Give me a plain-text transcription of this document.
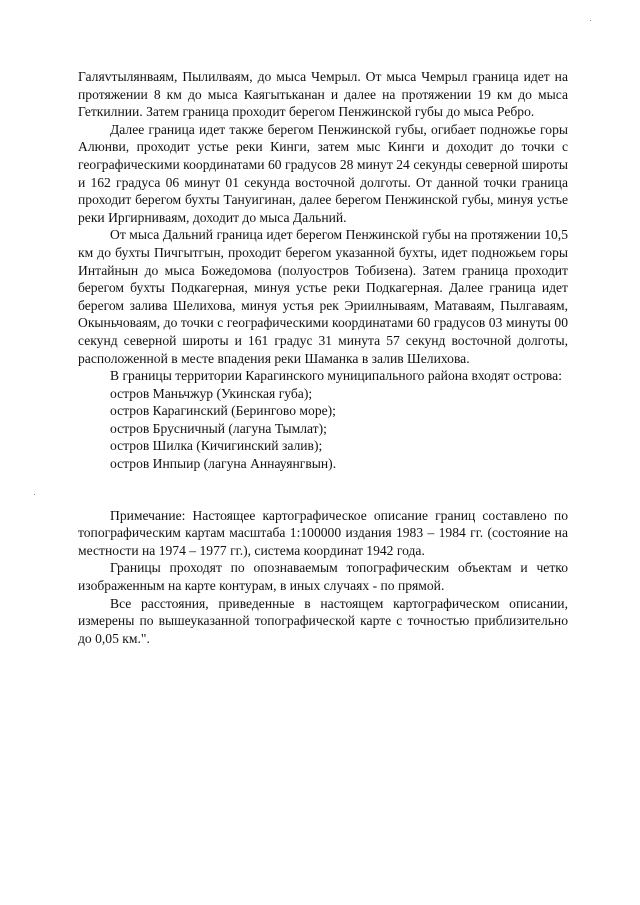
Галяvтылянваям, Пылилваям, до мыса Чемрыл. От мыса Чемрыл граница идет на протяжении 8 км до мыса Каягытьканан и далее на протяжении 19 км до мыса Геткилнии. Затем граница проходит берегом Пенжинской губы до мыса Ребро.

Далее граница идет также берегом Пенжинской губы, огибает подножье горы Алюнви, проходит устье реки Кинги, затем мыс Кинги и доходит до точки с географическими координатами 60 градусов 28 минут 24 секунды северной широты и 162 градуса 06 минут 01 секунда восточной долготы. От данной точки граница проходит берегом бухты Тануигинан, далее берегом Пенжинской губы, минуя устье реки Иргирниваям, доходит до мыса Дальний.

От мыса Дальний граница идет берегом Пенжинской губы на протяжении 10,5 км до бухты Пичгытгын, проходит берегом указанной бухты, идет подножьем горы Интайнын до мыса Божедомова (полуостров Тобизена). Затем граница проходит берегом бухты Подкагерная, минуя устье реки Подкагерная. Далее граница идет берегом залива Шелихова, минуя устья рек Эриилнываям, Матаваям, Пылгаваям, Окыньчоваям, до точки с географическими координатами 60 градусов 03 минуты 00 секунд северной широты и 161 градус 31 минута 57 секунд восточной долготы, расположенной в месте впадения реки Шаманка в залив Шелихова.

В границы территории Карагинского муниципального района входят острова:

остров Маньчжур (Укинская губа);
остров Карагинский (Берингово море);
остров Брусничный (лагуна Тымлат);
остров Шилка (Кичигинский залив);
остров Инпыир (лагуна Аннауянгвын).

Примечание: Настоящее картографическое описание границ составлено по топографическим картам масштаба 1:100000 издания 1983 – 1984 гг. (состояние на местности на 1974 – 1977 гг.), система координат 1942 года.

Границы проходят по опознаваемым топографическим объектам и четко изображенным на карте контурам, в иных случаях - по прямой.

Все расстояния, приведенные в настоящем картографическом описании, измерены по вышеуказанной топографической карте с точностью приблизительно до 0,05 км.".
